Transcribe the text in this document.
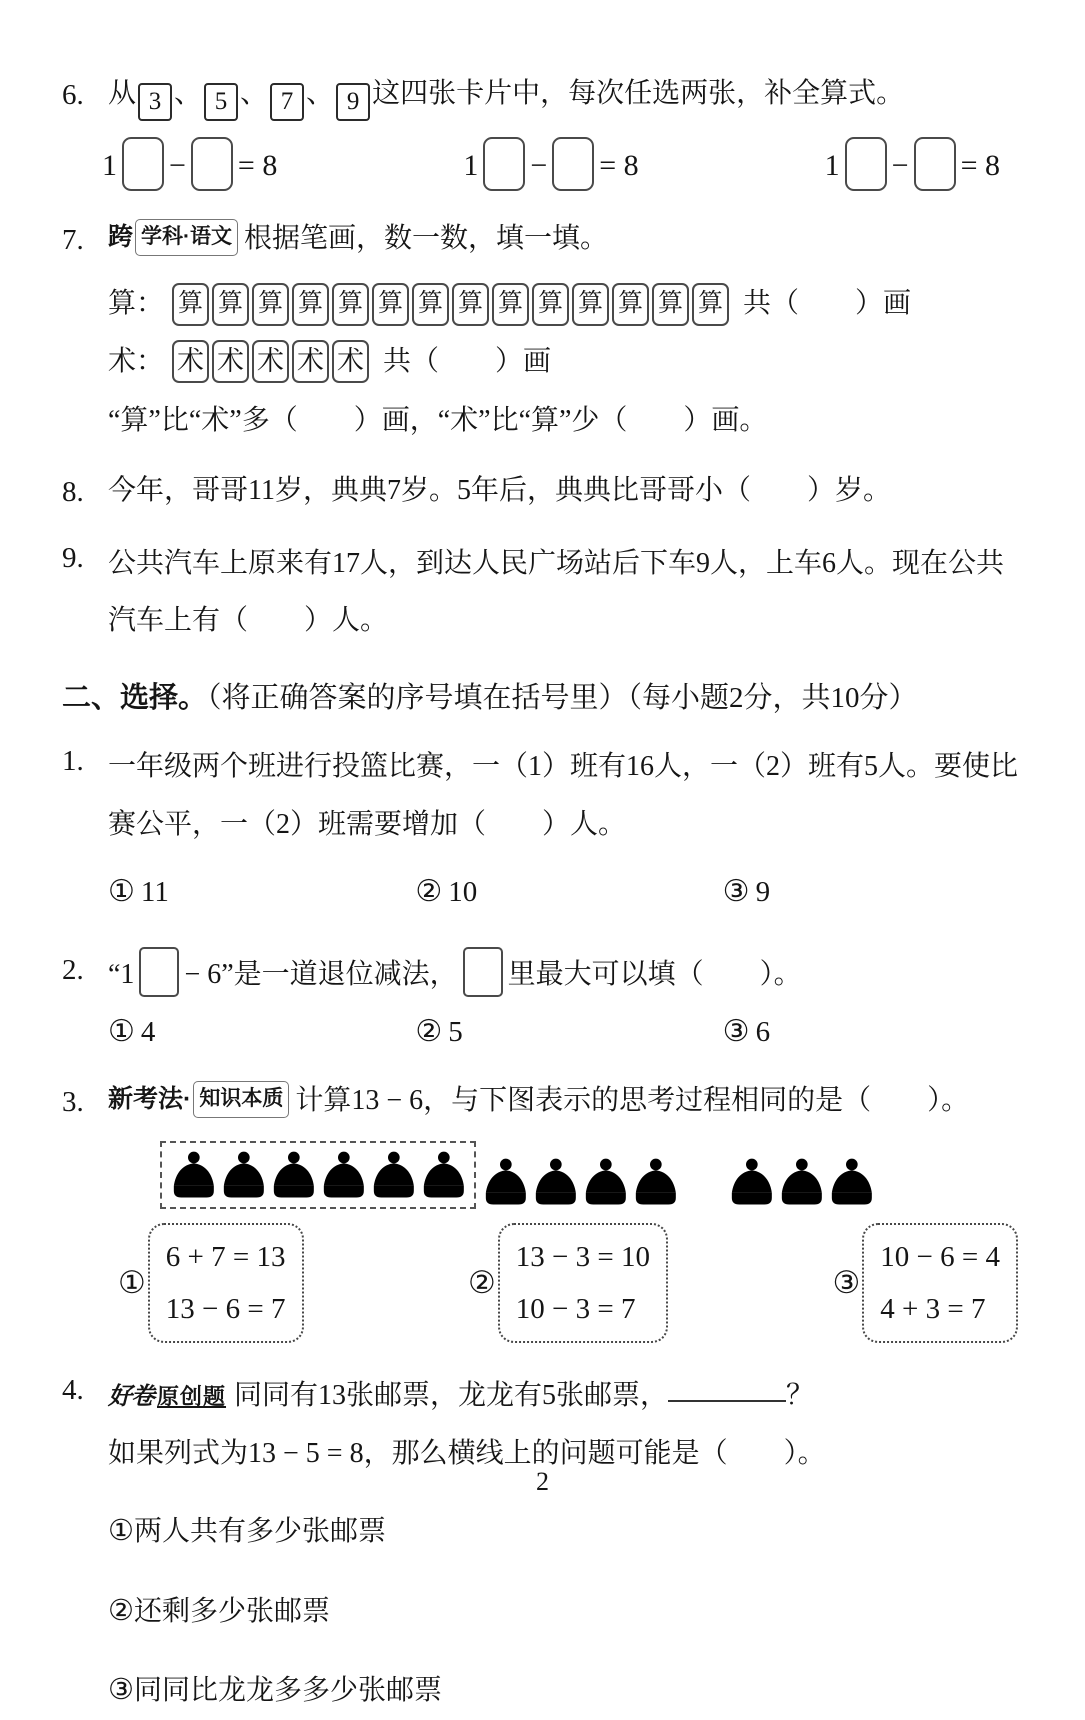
6. 从 3 、 5 、 7 、 9 这四张卡片中，每次任选两张，补全算式。
1 − = 8	1 − = 8	1 − = 8
7. 跨 学科·语文 根据笔画，数一数，填一填。
算： 算 算 算 算 算 算 算 算 算 算 算 算 算 算 共（　　）画
术： 术 术 术 术 术 共（　　）画
“算”比“术”多（　　）画，“术”比“算”少（　　）画。
8. 今年，哥哥11岁，典典7岁。5年后，典典比哥哥小（　　）岁。
9. 公共汽车上原来有17人，到达人民广场站后下车9人，上车6人。现在公共汽车上有（　　）人。
二、选择。（将正确答案的序号填在括号里）（每小题2分，共10分）
1. 一年级两个班进行投篮比赛，一（1）班有16人，一（2）班有5人。要使比赛公平，一（2）班需要增加（　　）人。
① 11	② 10	③ 9
2. “1 − 6”是一道退位减法， 里最大可以填（　　）。
① 4	② 5	③ 6
3. 新考法· 知识本质 计算13 − 6，与下图表示的思考过程相同的是（　　）。
①
6 + 7 = 13
13 − 6 = 7
②
13 − 3 = 10
10 − 3 = 7
③
10 − 6 = 4
4 + 3 = 7
4.	好卷 原创题 同同有13张邮票，龙龙有5张邮票，	？
如果列式为13 − 5 = 8，那么横线上的问题可能是（　　）。
①两人共有多少张邮票
②还剩多少张邮票
③同同比龙龙多多少张邮票
2
